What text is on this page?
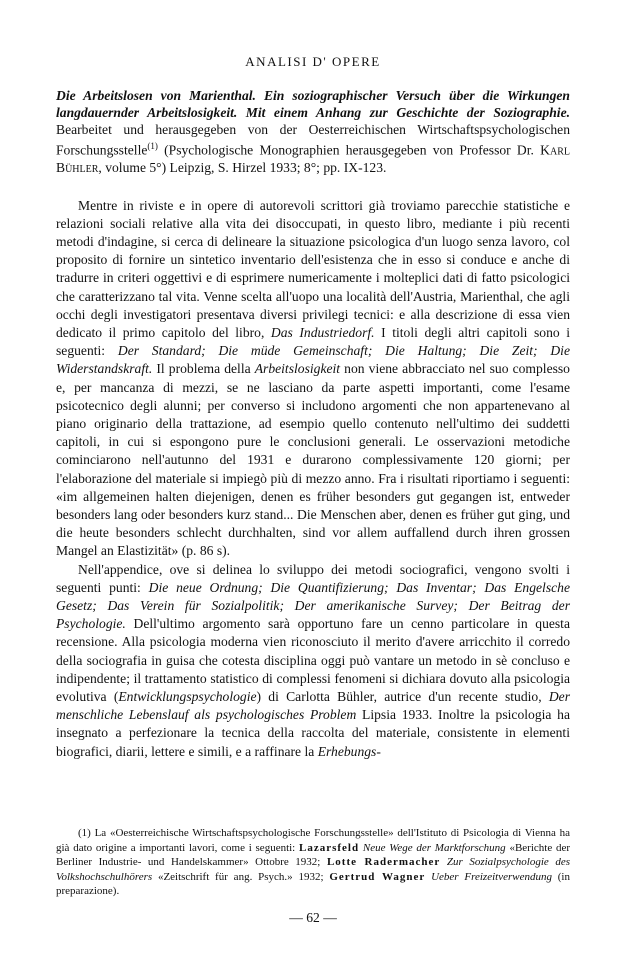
ANALISI D' OPERE

Die Arbeitslosen von Marienthal. Ein soziographischer Versuch über die Wirkungen langdauernder Arbeitslosigkeit. Mit einem Anhang zur Geschichte der Soziographie. Bearbeitet und herausgegeben von der Oesterreichischen Wirtschaftspsychologischen Forschungsstelle$^{(1)}$ (Psychologische Monographien herausgegeben von Professor Dr. Karl Bühler, volume 5°) Leipzig, S. Hirzel 1933; 8°; pp. IX-123.

Mentre in riviste e in opere di autorevoli scrittori già troviamo parecchie statistiche e relazioni sociali relative alla vita dei disoccupati, in questo libro, mediante i più recenti metodi d'indagine, si cerca di delineare la situazione psicologica d'un luogo senza lavoro, col proposito di fornire un sintetico inventario dell'esistenza che in esso si conduce e anche di tradurre in criteri oggettivi e di esprimere numericamente i molteplici dati di fatto psicologici che caratterizzano tal vita. Venne scelta all'uopo una località dell'Austria, Marienthal, che agli occhi degli investigatori presentava diversi privilegi tecnici: e alla descrizione di essa vien dedicato il primo capitolo del libro, Das Industriedorf. I titoli degli altri capitoli sono i seguenti: Der Standard; Die müde Gemeinschaft; Die Haltung; Die Zeit; Die Widerstandskraft. Il problema della Arbeitslosigkeit non viene abbracciato nel suo complesso e, per mancanza di mezzi, se ne lasciano da parte aspetti importanti, come l'esame psicotecnico degli alunni; per converso si includono argomenti che non appartenevano al piano originario della trattazione, ad esempio quello contenuto nell'ultimo dei suddetti capitoli, in cui si espongono pure le conclusioni generali. Le osservazioni metodiche cominciarono nell'autunno del 1931 e durarono complessivamente 120 giorni; per l'elaborazione del materiale si impiegò più di mezzo anno. Fra i risultati riportiamo i seguenti: «im allgemeinen halten diejenigen, denen es früher besonders gut gegangen ist, entweder besonders lang oder besonders kurz stand... Die Menschen aber, denen es früher gut ging, und die heute besonders schlecht durchhalten, sind vor allem auffallend durch ihren grossen Mangel an Elastizität» (p. 86 s).

Nell'appendice, ove si delinea lo sviluppo dei metodi sociografici, vengono svolti i seguenti punti: Die neue Ordnung; Die Quantifizierung; Das Inventar; Das Engelsche Gesetz; Das Verein für Sozialpolitik; Der amerikanische Survey; Der Beitrag der Psychologie. Dell'ultimo argomento sarà opportuno fare un cenno particolare in questa recensione. Alla psicologia moderna vien riconosciuto il merito d'avere arricchito il corredo della sociografia in guisa che cotesta disciplina oggi può vantare un metodo in sè concluso e indipendente; il trattamento statistico di complessi fenomeni si dichiara dovuto alla psicologia evolutiva (Entwicklungspsychologie) di Carlotta Bühler, autrice d'un recente studio, Der menschliche Lebenslauf als psychologisches Problem Lipsia 1933. Inoltre la psicologia ha insegnato a perfezionare la tecnica della raccolta del materiale, consistente in elementi biografici, diarii, lettere e simili, e a raffinare la Erhebungs-

(1) La «Oesterreichische Wirtschaftspsychologische Forschungsstelle» dell'Istituto di Psicologia di Vienna ha già dato origine a importanti lavori, come i seguenti: Lazarsfeld Neue Wege der Marktforschung «Berichte der Berliner Industrie- und Handelskammer» Ottobre 1932; Lotte Radermacher Zur Sozialpsychologie des Volkshochschulhörers «Zeitschrift für ang. Psych.» 1932; Gertrud Wagner Ueber Freizeitverwendung (in preparazione).

— 62 —
